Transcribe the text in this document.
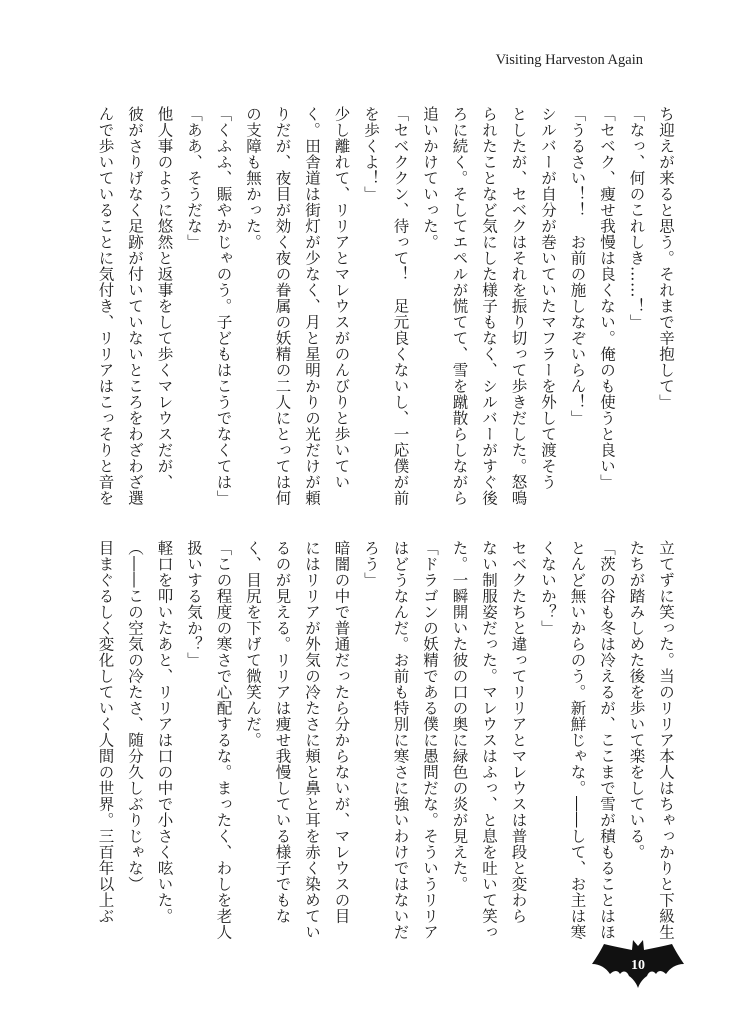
Visiting Harveston Again
ち迎えが来ると思う。それまで辛抱して」
「なっ、何のこれしき……！」
「セベク、痩せ我慢は良くない。俺のも使うと良い」
「うるさい！！　お前の施しなぞいらん！」
シルバーが自分が巻いていたマフラーを外して渡そう
としたが、セベクはそれを振り切って歩きだした。怒鳴
られたことなど気にした様子もなく、シルバーがすぐ後
ろに続く。そしてエペルが慌てて、雪を蹴散らしながら
追いかけていった。
「セベククン、待って！　足元良くないし、一応僕が前
を歩くよ！」
少し離れて、リリアとマレウスがのんびりと歩いてい
く。田舎道は街灯が少なく、月と星明かりの光だけが頼
りだが、夜目が効く夜の眷属の妖精の二人にとっては何
の支障も無かった。
「くふふ、賑やかじゃのう。子どもはこうでなくては」
「ああ、そうだな」
他人事のように悠然と返事をして歩くマレウスだが、
彼がさりげなく足跡が付いていないところをわざわざ選
んで歩いていることに気付き、リリアはこっそりと音を
立てずに笑った。当のリリア本人はちゃっかりと下級生
たちが踏みしめた後を歩いて楽をしている。
「茨の谷も冬は冷えるが、ここまで雪が積もることはほ
とんど無いからのう。新鮮じゃな。――して、お主は寒
くないか？」
セベクたちと違ってリリアとマレウスは普段と変わら
ない制服姿だった。マレウスはふっ、と息を吐いて笑っ
た。一瞬開いた彼の口の奥に緑色の炎が見えた。
「ドラゴンの妖精である僕に愚問だな。そういうリリア
はどうなんだ。お前も特別に寒さに強いわけではないだ
ろう」
暗闇の中で普通だったら分からないが、マレウスの目
にはリリアが外気の冷たさに頬と鼻と耳を赤く染めてい
るのが見える。リリアは痩せ我慢している様子でもな
く、目尻を下げて微笑んだ。
「この程度の寒さで心配するな。まったく、わしを老人
扱いする気か？」
軽口を叩いたあと、リリアは口の中で小さく呟いた。
（――この空気の冷たさ、随分久しぶりじゃな）
目まぐるしく変化していく人間の世界。三百年以上ぶ
10
